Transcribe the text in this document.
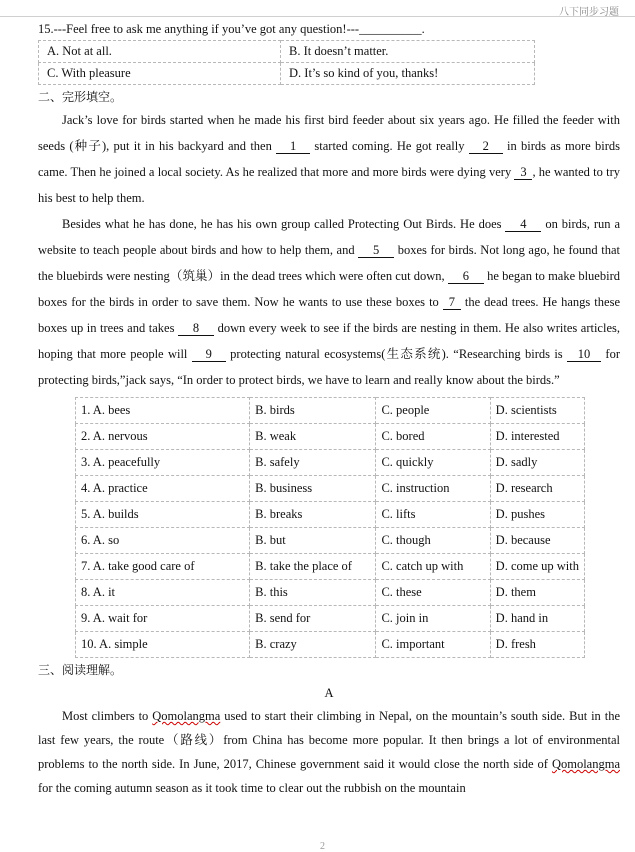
八下同步习题
15.---Feel free to ask me anything if you’ve got any question!---__________.
A. Not at all.	B. It doesn’t matter.
C. With pleasure	D. It’s so kind of you, thanks!
二、完形填空。

Jack’s love for birds started when he made his first bird feeder about six years ago. He filled the feeder with seeds (种子), put it in his backyard and then 1 started coming. He got really 2 in birds as more birds came. Then he joined a local society. As he realized that more and more birds were dying very 3 , he wanted to try his best to help them.

Besides what he has done, he has his own group called Protecting Out Birds. He does 4 on birds, run a website to teach people about birds and how to help them, and 5 boxes for birds. Not long ago, he found that the bluebirds were nesting（筑巢）in the dead trees which were often cut down, 6 he began to make bluebird boxes for the birds in order to save them. Now he wants to use these boxes to 7 the dead trees. He hangs these boxes up in trees and takes 8 down every week to see if the birds are nesting in them. He also writes articles, hoping that more people will 9 protecting natural ecosystems(生态系统). “Researching birds is 10 for protecting birds,”jack says, “In order to protect birds, we have to learn and really know about the birds.”

1. A. bees	B. birds	C. people	D. scientists
2. A. nervous	B. weak	C. bored	D. interested
3. A. peacefully	B. safely	C. quickly	D. sadly
4. A. practice	B. business	C. instruction	D. research
5. A. builds	B. breaks	C. lifts	D. pushes
6. A. so	B. but	C. though	D. because
7. A. take good care of	B. take the place of	C. catch up with	D. come up with
8. A. it	B. this	C. these	D. them
9. A. wait for	B. send for	C. join in	D. hand in
10. A. simple	B. crazy	C. important	D. fresh
三、阅读理解。
A

Most climbers to Qomolangma used to start their climbing in Nepal, on the mountain’s south side. But in the last few years, the route（路线）from China has become more popular. It then brings a lot of environmental problems to the north side. In June, 2017, Chinese government said it would close the north side of Qomolangma for the coming autumn season as it took time to clear out the rubbish on the mountain

2
